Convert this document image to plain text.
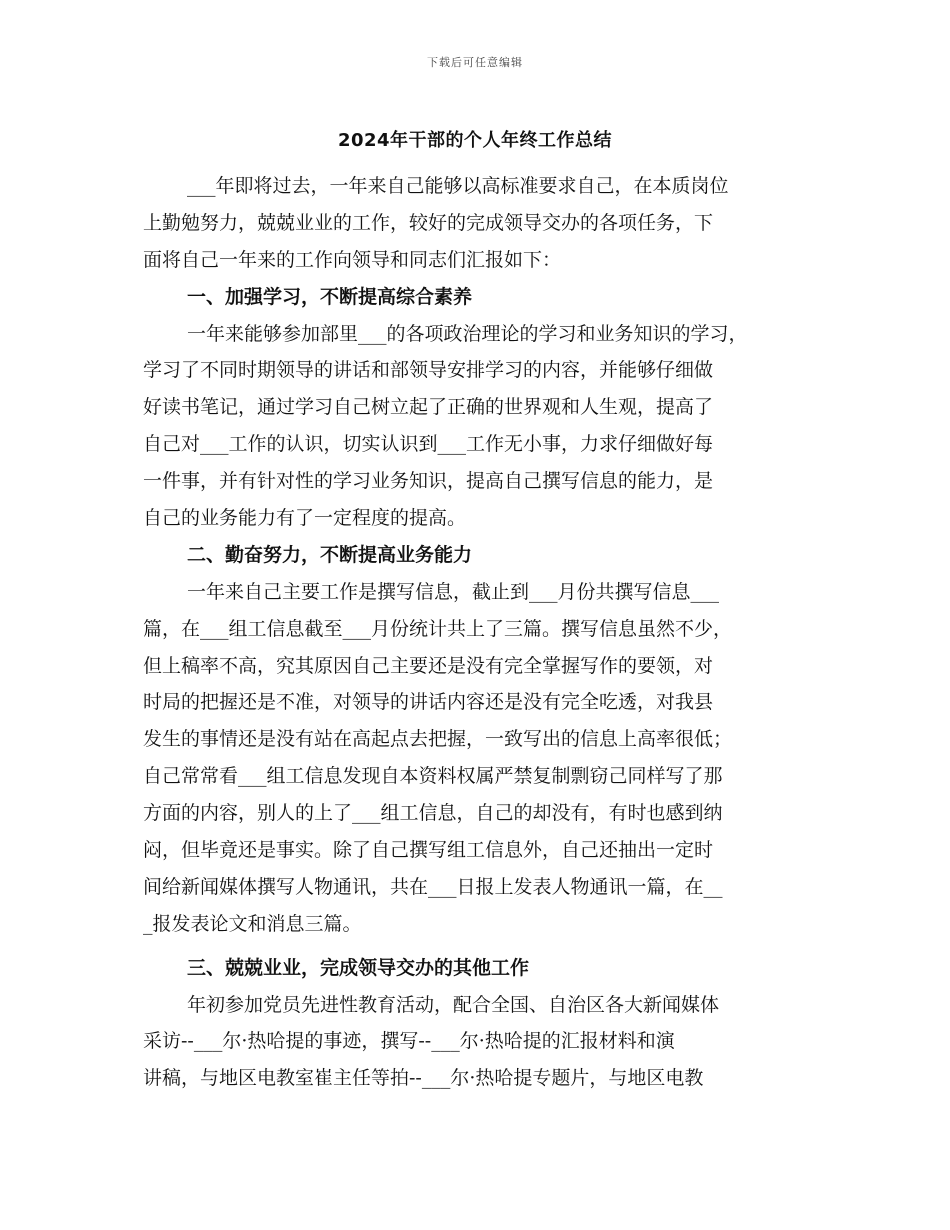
下载后可任意编辑
2024年干部的个人年终工作总结
___年即将过去，一年来自己能够以高标准要求自己，在本质岗位
上勤勉努力，兢兢业业的工作，较好的完成领导交办的各项任务，下
面将自己一年来的工作向领导和同志们汇报如下：
一、加强学习，不断提高综合素养
一年来能够参加部里___的各项政治理论的学习和业务知识的学习，
学习了不同时期领导的讲话和部领导安排学习的内容，并能够仔细做
好读书笔记，通过学习自己树立起了正确的世界观和人生观，提高了
自己对___工作的认识，切实认识到___工作无小事，力求仔细做好每
一件事，并有针对性的学习业务知识，提高自己撰写信息的能力，是
自己的业务能力有了一定程度的提高。
二、勤奋努力，不断提高业务能力
一年来自己主要工作是撰写信息，截止到___月份共撰写信息___
篇，在___组工信息截至___月份统计共上了三篇。撰写信息虽然不少，
但上稿率不高，究其原因自己主要还是没有完全掌握写作的要领，对
时局的把握还是不准，对领导的讲话内容还是没有完全吃透，对我县
发生的事情还是没有站在高起点去把握，一致写出的信息上高率很低；
自己常常看___组工信息发现自本资料权属严禁复制剽窃己同样写了那
方面的内容，别人的上了___组工信息，自己的却没有，有时也感到纳
闷，但毕竟还是事实。除了自己撰写组工信息外，自己还抽出一定时
间给新闻媒体撰写人物通讯，共在___日报上发表人物通讯一篇，在__
_报发表论文和消息三篇。
三、兢兢业业，完成领导交办的其他工作
年初参加党员先进性教育活动，配合全国、自治区各大新闻媒体
采访--___尔·热哈提的事迹，撰写--___尔·热哈提的汇报材料和演
讲稿，与地区电教室崔主任等拍--___尔·热哈提专题片，与地区电教
